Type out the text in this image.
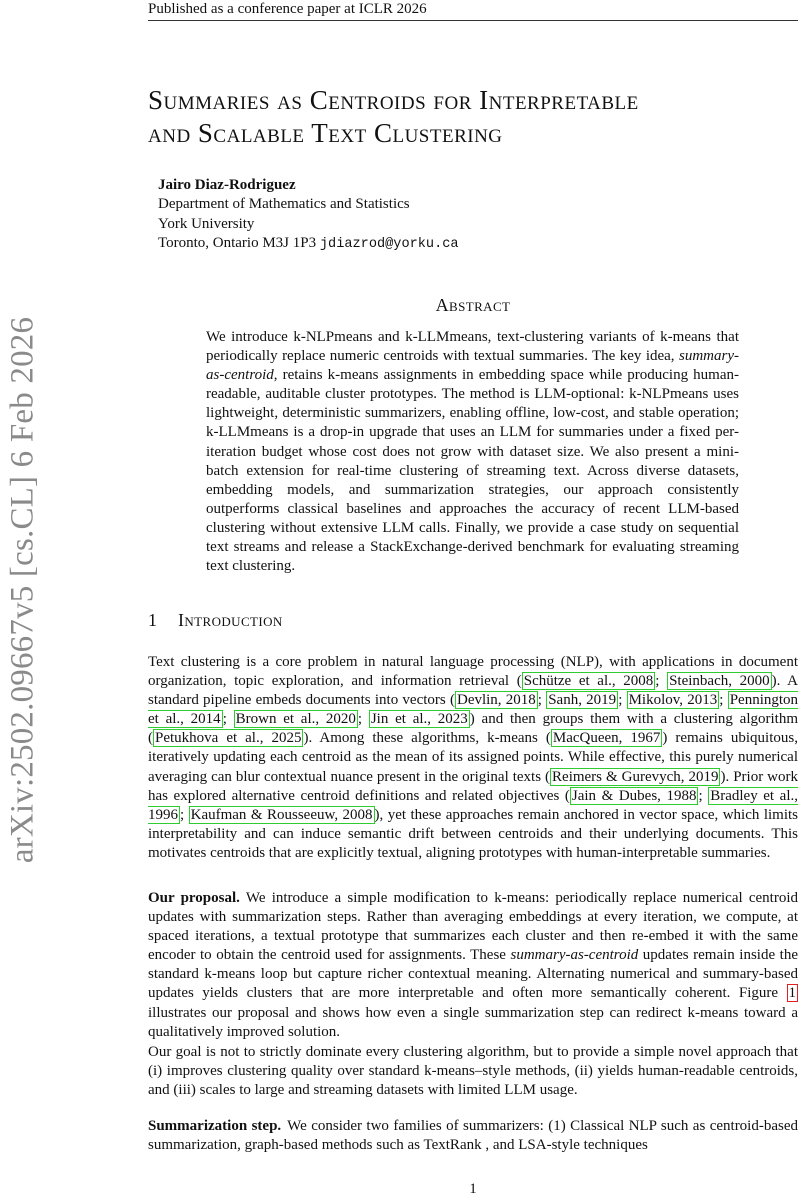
Published as a conference paper at ICLR 2026
arXiv:2502.09667v5 [cs.CL] 6 Feb 2026
Summaries as Centroids for Interpretable
and Scalable Text Clustering
Jairo Diaz-Rodriguez
Department of Mathematics and Statistics
York University
Toronto, Ontario M3J 1P3 jdiazrod@yorku.ca
Abstract
We introduce k-NLPmeans and k-LLMmeans, text-clustering variants of k-means that periodically replace numeric centroids with textual summaries. The key idea, summary-as-centroid, retains k-means assignments in embedding space while producing human-readable, auditable cluster prototypes. The method is LLM-optional: k-NLPmeans uses lightweight, deterministic summarizers, enabling offline, low-cost, and stable operation; k-LLMmeans is a drop-in upgrade that uses an LLM for summaries under a fixed per-iteration budget whose cost does not grow with dataset size. We also present a mini-batch extension for real-time clustering of streaming text. Across diverse datasets, embedding models, and summarization strategies, our approach consistently outperforms classical baselines and approaches the accuracy of recent LLM-based clustering without extensive LLM calls. Finally, we provide a case study on sequential text streams and release a StackExchange-derived benchmark for evaluating streaming text clustering.
1 Introduction
Text clustering is a core problem in natural language processing (NLP), with applications in document organization, topic exploration, and information retrieval ( Schütze et al., 2008 ; Steinbach, 2000 ). A standard pipeline embeds documents into vectors ( Devlin, 2018 ; Sanh, 2019 ; Mikolov, 2013 ; Pennington et al., 2014 ; Brown et al., 2020 ; Jin et al., 2023 ) and then groups them with a clustering algorithm ( Petukhova et al., 2025 ). Among these algorithms, k-means ( MacQueen, 1967 ) remains ubiquitous, iteratively updating each centroid as the mean of its assigned points. While effective, this purely numerical averaging can blur contextual nuance present in the original texts ( Reimers & Gurevych, 2019 ). Prior work has explored alternative centroid definitions and related objectives ( Jain & Dubes, 1988 ; Bradley et al., 1996 ; Kaufman & Rousseeuw, 2008 ), yet these approaches remain anchored in vector space, which limits interpretability and can induce semantic drift between centroids and their underlying documents. This motivates centroids that are explicitly textual, aligning prototypes with human-interpretable summaries.
Our proposal. We introduce a simple modification to k-means: periodically replace numerical centroid updates with summarization steps. Rather than averaging embeddings at every iteration, we compute, at spaced iterations, a textual prototype that summarizes each cluster and then re-embed it with the same encoder to obtain the centroid used for assignments. These summary-as-centroid updates remain inside the standard k-means loop but capture richer contextual meaning. Alternating numerical and summary-based updates yields clusters that are more interpretable and often more semantically coherent. Figure 1 illustrates our proposal and shows how even a single summarization step can redirect k-means toward a qualitatively improved solution.
Our goal is not to strictly dominate every clustering algorithm, but to provide a simple novel approach that (i) improves clustering quality over standard k-means–style methods, (ii) yields human-readable centroids, and (iii) scales to large and streaming datasets with limited LLM usage.
Summarization step. We consider two families of summarizers: (1) Classical NLP such as centroid-based summarization, graph-based methods such as TextRank , and LSA-style techniques
1
